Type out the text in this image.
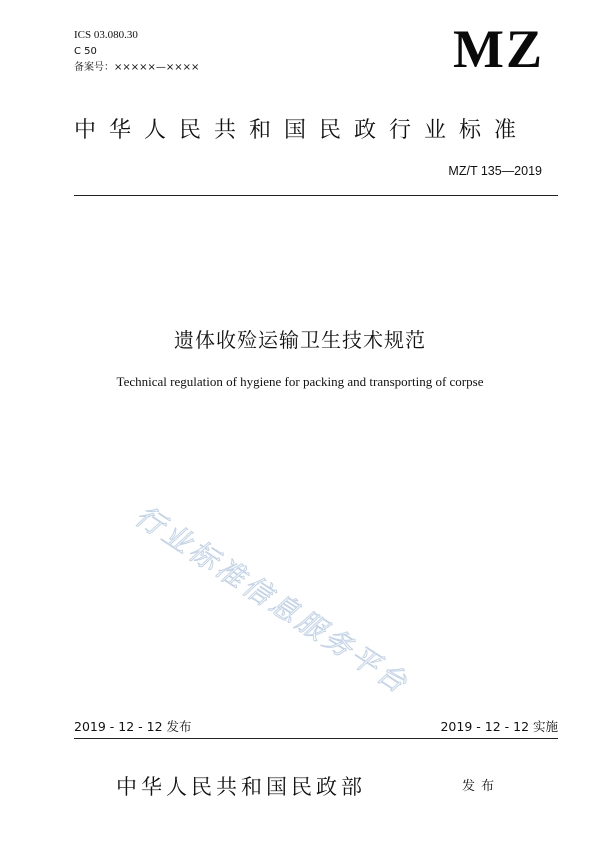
ICS 03.080.30
C 50
备案号：×××××—××××	MZ
中华人民共和国民政行业标准
MZ/T 135—2019
遗体收殓运输卫生技术规范
Technical regulation of hygiene for packing and transporting of corpse
行业标准信息服务平台
2019 - 12 - 12 发布	2019 - 12 - 12 实施
中华人民共和国民政部	发布
